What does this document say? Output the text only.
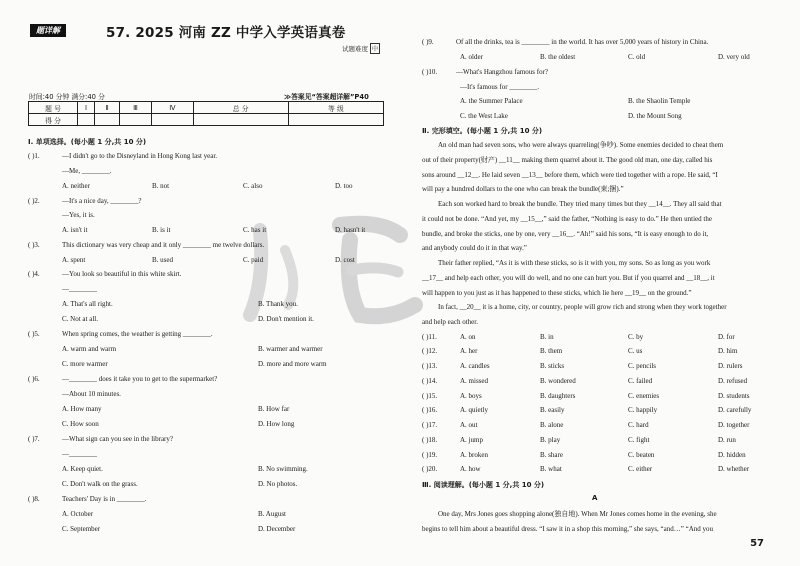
题详解	57. 2025 河南 ZZ 中学入学英语真卷
试题难度 中
时间:40 分钟 满分:40 分	≫答案见“答案超详解”P40
题 号	Ⅰ	Ⅱ	Ⅲ	Ⅳ	总 分	等 级
得 分						
Ⅰ. 单项选择。(每小题 1 分,共 10 分)
( )1.	—I didn't go to the Disneyland in Hong Kong last year.
—Me, ________.
A. neither	B. not	C. also	D. too
( )2.	—It's a nice day, ________?
—Yes, it is.
A. isn't it	B. is it	C. has it	D. hasn't it
( )3.	This dictionary was very cheap and it only ________ me twelve dollars.
A. spent	B. used	C. paid	D. cost
( )4.	—You look so beautiful in this white skirt.
—________
A. That's all right.	B. Thank you.
C. Not at all.	D. Don't mention it.
( )5.	When spring comes, the weather is getting ________.
A. warm and warm	B. warmer and warmer
C. more warmer	D. more and more warm
( )6.	—________ does it take you to get to the supermarket?
—About 10 minutes.
A. How many	B. How far
C. How soon	D. How long
( )7.	—What sign can you see in the library?
—________
A. Keep quiet.	B. No swimming.
C. Don't walk on the grass.	D. No photos.
( )8.	Teachers' Day is in ________.
A. October	B. August
C. September	D. December
( )9.	Of all the drinks, tea is ________ in the world. It has over 5,000 years of history in China.
A. older	B. the oldest	C. old	D. very old
( )10.	—What's Hangzhou famous for?
—It's famous for ________.
A. the Summer Palace	B. the Shaolin Temple
C. the West Lake	D. the Mount Song
Ⅱ. 完形填空。(每小题 1 分,共 10 分)
An old man had seven sons, who were always quarreling(争吵). Some enemies decided to cheat them
out of their property(财产) __11__ making them quarrel about it. The good old man, one day, called his
sons around __12__. He laid seven __13__ before them, which were tied together with a rope. He said, “I
will pay a hundred dollars to the one who can break the bundle(束;捆).”
Each son worked hard to break the bundle. They tried many times but they __14__. They all said that
it could not be done. “And yet, my __15__,” said the father, “Nothing is easy to do.” He then untied the
bundle, and broke the sticks, one by one, very __16__. “Ah!” said his sons, “It is easy enough to do it,
and anybody could do it in that way.”
Their father replied, “As it is with these sticks, so is it with you, my sons. So as long as you work
__17__ and help each other, you will do well, and no one can hurt you. But if you quarrel and __18__, it
will happen to you just as it has happened to these sticks, which lie here __19__ on the ground.”
In fact, __20__ it is a home, city, or country, people will grow rich and strong when they work together
and help each other.
( )11.	A. on	B. in	C. by	D. for
( )12.	A. her	B. them	C. us	D. him
( )13.	A. candles	B. sticks	C. pencils	D. rulers
( )14.	A. missed	B. wondered	C. failed	D. refused
( )15.	A. boys	B. daughters	C. enemies	D. students
( )16.	A. quietly	B. easily	C. happily	D. carefully
( )17.	A. out	B. alone	C. hard	D. together
( )18.	A. jump	B. play	C. fight	D. run
( )19.	A. broken	B. share	C. beaten	D. hidden
( )20.	A. how	B. what	C. either	D. whether
Ⅲ. 阅读理解。(每小题 1 分,共 10 分)
A
One day, Mrs Jones goes shopping alone(独自地). When Mr Jones comes home in the evening, she
begins to tell him about a beautiful dress. “I saw it in a shop this morning,” she says, “and…” “And you
57
